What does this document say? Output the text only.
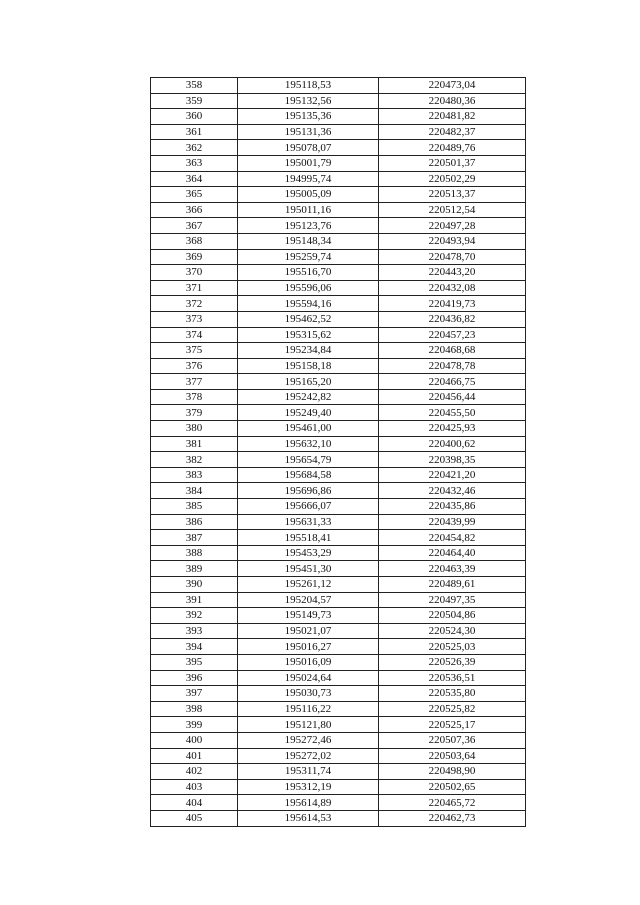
358	195118,53	220473,04
359	195132,56	220480,36
360	195135,36	220481,82
361	195131,36	220482,37
362	195078,07	220489,76
363	195001,79	220501,37
364	194995,74	220502,29
365	195005,09	220513,37
366	195011,16	220512,54
367	195123,76	220497,28
368	195148,34	220493,94
369	195259,74	220478,70
370	195516,70	220443,20
371	195596,06	220432,08
372	195594,16	220419,73
373	195462,52	220436,82
374	195315,62	220457,23
375	195234,84	220468,68
376	195158,18	220478,78
377	195165,20	220466,75
378	195242,82	220456,44
379	195249,40	220455,50
380	195461,00	220425,93
381	195632,10	220400,62
382	195654,79	220398,35
383	195684,58	220421,20
384	195696,86	220432,46
385	195666,07	220435,86
386	195631,33	220439,99
387	195518,41	220454,82
388	195453,29	220464,40
389	195451,30	220463,39
390	195261,12	220489,61
391	195204,57	220497,35
392	195149,73	220504,86
393	195021,07	220524,30
394	195016,27	220525,03
395	195016,09	220526,39
396	195024,64	220536,51
397	195030,73	220535,80
398	195116,22	220525,82
399	195121,80	220525,17
400	195272,46	220507,36
401	195272,02	220503,64
402	195311,74	220498,90
403	195312,19	220502,65
404	195614,89	220465,72
405	195614,53	220462,73
